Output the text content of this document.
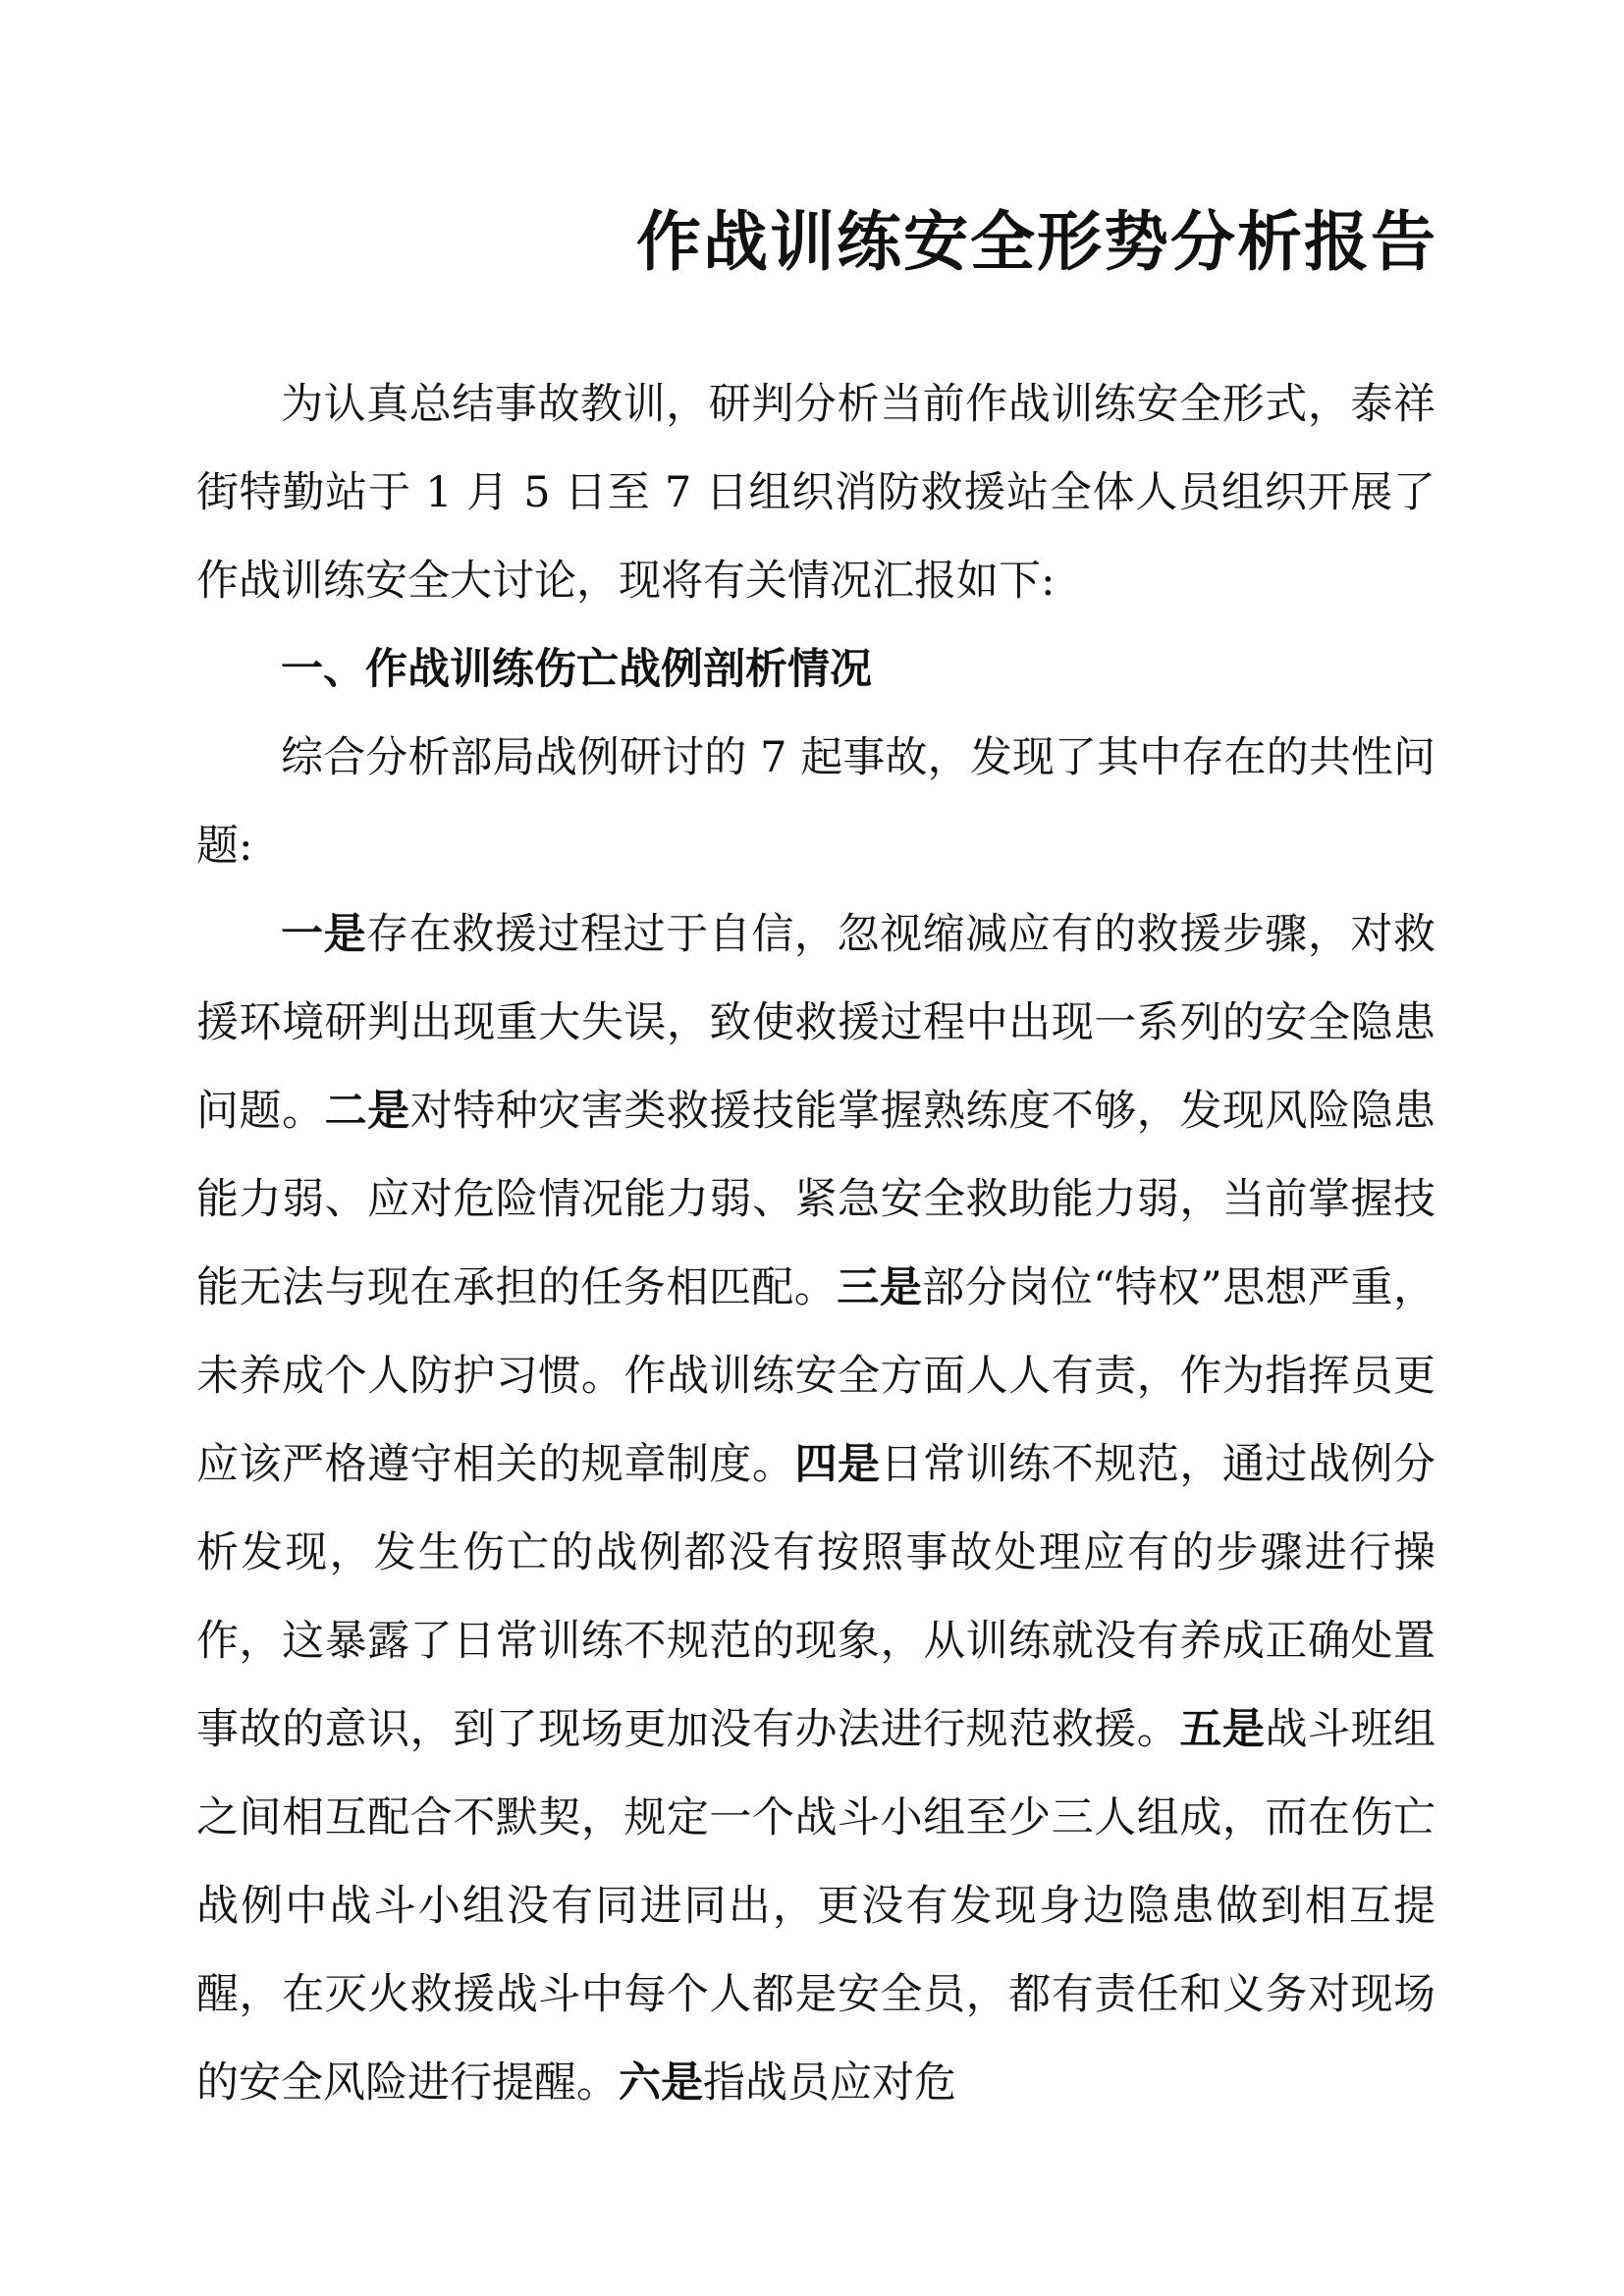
作战训练安全形势分析报告

为认真总结事故教训，研判分析当前作战训练安全形式，泰祥街特勤站于 1 月 5 日至 7 日组织消防救援站全体人员组织开展了作战训练安全大讨论，现将有关情况汇报如下:

一、作战训练伤亡战例剖析情况

综合分析部局战例研讨的 7 起事故，发现了其中存在的共性问题:

一是存在救援过程过于自信，忽视缩减应有的救援步骤，对救援环境研判出现重大失误，致使救援过程中出现一系列的安全隐患问题。二是对特种灾害类救援技能掌握熟练度不够，发现风险隐患能力弱、应对危险情况能力弱、紧急安全救助能力弱，当前掌握技能无法与现在承担的任务相匹配。三是部分岗位“特权”思想严重，未养成个人防护习惯。作战训练安全方面人人有责，作为指挥员更应该严格遵守相关的规章制度。四是日常训练不规范，通过战例分析发现，发生伤亡的战例都没有按照事故处理应有的步骤进行操作，这暴露了日常训练不规范的现象，从训练就没有养成正确处置事故的意识，到了现场更加没有办法进行规范救援。五是战斗班组之间相互配合不默契，规定一个战斗小组至少三人组成，而在伤亡战例中战斗小组没有同进同出，更没有发现身边隐患做到相互提醒，在灭火救援战斗中每个人都是安全员，都有责任和义务对现场的安全风险进行提醒。六是指战员应对危
